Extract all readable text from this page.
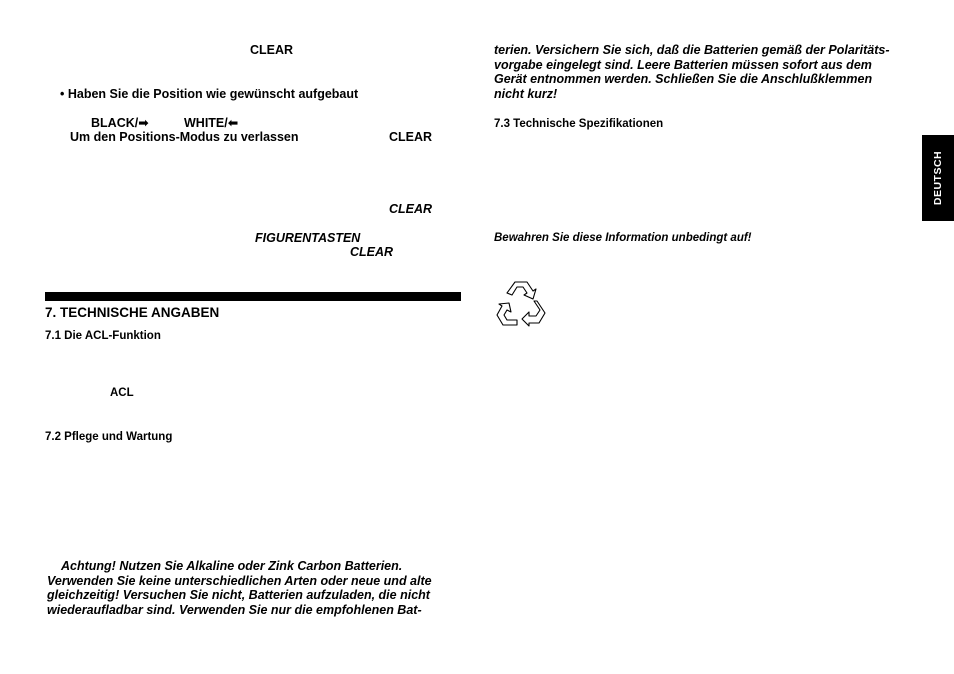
CLEAR
• Haben Sie die Position wie gewünscht aufgebaut
BLACK/➡	WHITE/⬅
Um den Positions-Modus zu verlassen	CLEAR
CLEAR
FIGURENTASTEN
CLEAR
7. TECHNISCHE ANGABEN
7.1 Die ACL-Funktion
ACL
7.2 Pflege und Wartung
Achtung! Nutzen Sie Alkaline oder Zink Carbon Batterien.
Verwenden Sie keine unterschiedlichen Arten oder neue und alte
gleichzeitig! Versuchen Sie nicht, Batterien aufzuladen, die nicht
wiederaufladbar sind. Verwenden Sie nur die empfohlenen Bat-
terien. Versichern Sie sich, daß die Batterien gemäß der Polaritäts-
vorgabe eingelegt sind. Leere Batterien müssen sofort aus dem
Gerät entnommen werden. Schließen Sie die Anschlußklemmen
nicht kurz!
7.3 Technische Spezifikationen
Bewahren Sie diese Information unbedingt auf!
DEUTSCH
